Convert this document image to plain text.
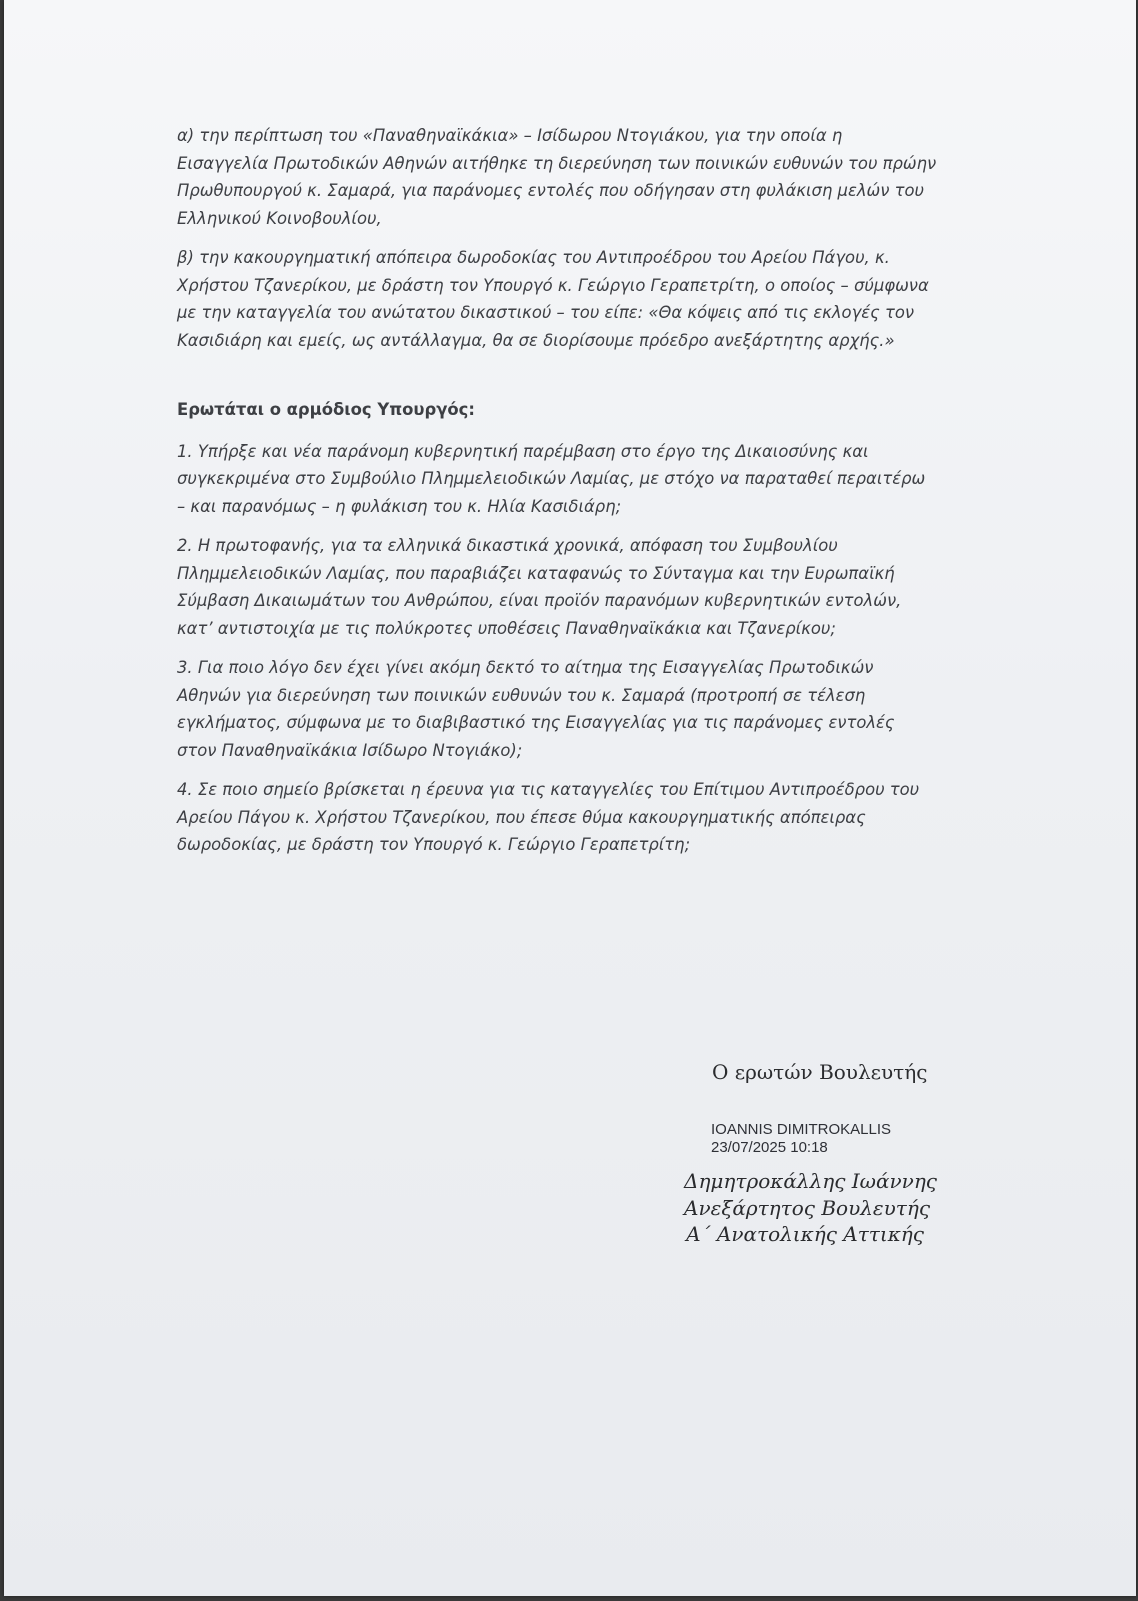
α) την περίπτωση του «Παναθηναϊκάκια» – Ισίδωρου Ντογιάκου, για την οποία η Εισαγγελία Πρωτοδικών Αθηνών αιτήθηκε τη διερεύνηση των ποινικών ευθυνών του πρώην Πρωθυπουργού κ. Σαμαρά, για παράνομες εντολές που οδήγησαν στη φυλάκιση μελών του Ελληνικού Κοινοβουλίου,

β) την κακουργηματική απόπειρα δωροδοκίας του Αντιπροέδρου του Αρείου Πάγου, κ. Χρήστου Τζανερίκου, με δράστη τον Υπουργό κ. Γεώργιο Γεραπετρίτη, ο οποίος – σύμφωνα με την καταγγελία του ανώτατου δικαστικού – του είπε: «Θα κόψεις από τις εκλογές τον Κασιδιάρη και εμείς, ως αντάλλαγμα, θα σε διορίσουμε πρόεδρο ανεξάρτητης αρχής.»

Ερωτάται ο αρμόδιος Υπουργός:

1. Υπήρξε και νέα παράνομη κυβερνητική παρέμβαση στο έργο της Δικαιοσύνης και συγκεκριμένα στο Συμβούλιο Πλημμελειοδικών Λαμίας, με στόχο να παραταθεί περαιτέρω – και παρανόμως – η φυλάκιση του κ. Ηλία Κασιδιάρη;

2. Η πρωτοφανής, για τα ελληνικά δικαστικά χρονικά, απόφαση του Συμβουλίου Πλημμελειοδικών Λαμίας, που παραβιάζει καταφανώς το Σύνταγμα και την Ευρωπαϊκή Σύμβαση Δικαιωμάτων του Ανθρώπου, είναι προϊόν παρανόμων κυβερνητικών εντολών, κατ’ αντιστοιχία με τις πολύκροτες υποθέσεις Παναθηναϊκάκια και Τζανερίκου;

3. Για ποιο λόγο δεν έχει γίνει ακόμη δεκτό το αίτημα της Εισαγγελίας Πρωτοδικών Αθηνών για διερεύνηση των ποινικών ευθυνών του κ. Σαμαρά (προτροπή σε τέλεση εγκλήματος, σύμφωνα με το διαβιβαστικό της Εισαγγελίας για τις παράνομες εντολές στον Παναθηναϊκάκια Ισίδωρο Ντογιάκο);

4. Σε ποιο σημείο βρίσκεται η έρευνα για τις καταγγελίες του Επίτιμου Αντιπροέδρου του Αρείου Πάγου κ. Χρήστου Τζανερίκου, που έπεσε θύμα κακουργηματικής απόπειρας δωροδοκίας, με δράστη τον Υπουργό κ. Γεώργιο Γεραπετρίτη;

Ο ερωτών Βουλευτής
IOANNIS DIMITROKALLIS
23/07/2025 10:18
Δημητροκάλλης Ιωάννης
Ανεξάρτητος Βουλευτής
Α΄ Ανατολικής Αττικής
